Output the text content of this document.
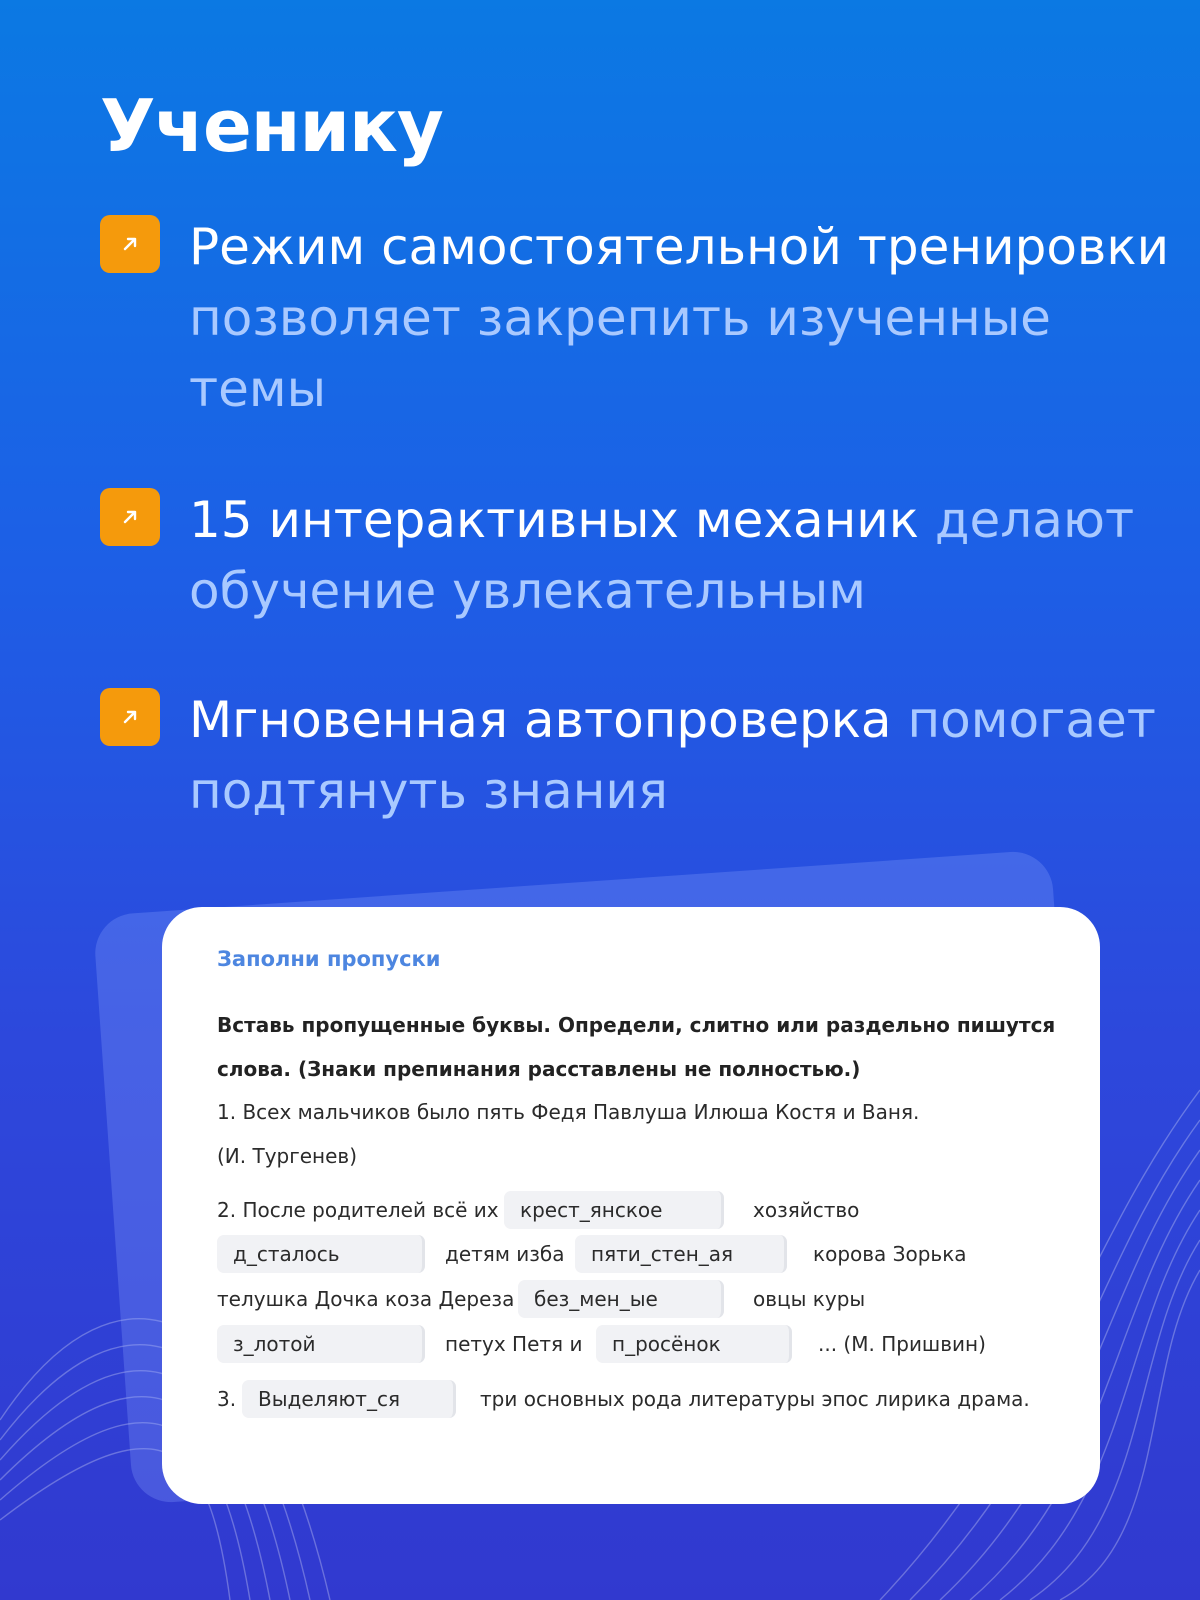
Ученику
Режим самостоятельной тренировки позволяет закрепить изученные темы
15 интерактивных механик делают обучение увлекательным
Мгновенная автопроверка помогает подтянуть знания
Заполни пропуски
Вставь пропущенные буквы. Определи, слитно или раздельно пишутся слова. (Знаки препинания расставлены не полностью.)
1. Всех мальчиков было пять Федя Павлуша Илюша Костя и Ваня.
(И. Тургенев)
2. После родителей всё их	крест_янское	хозяйство
д_сталось	детям изба	пяти_стен_ая	корова Зорька
телушка Дочка коза Дереза без_мен_ые	овцы куры
з_лотой	петух Петя и	п_росёнок	... (М. Пришвин)
3.	Выделяют_ся	три основных рода литературы эпос лирика драма.
